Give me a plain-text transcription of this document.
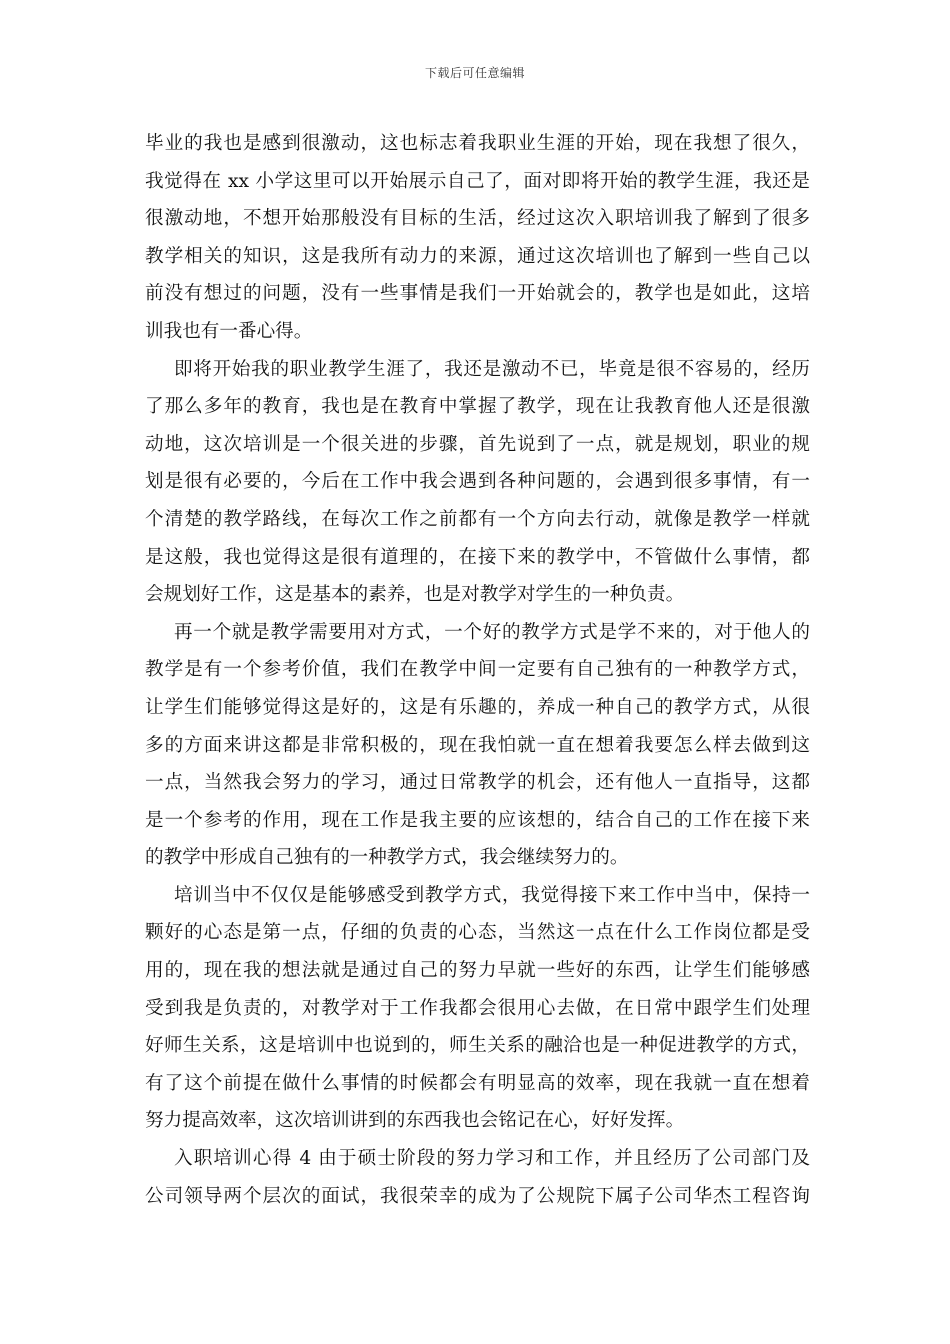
下载后可任意编辑
毕业的我也是感到很激动，这也标志着我职业生涯的开始，现在我想了很久，
我觉得在 xx 小学这里可以开始展示自己了，面对即将开始的教学生涯，我还是
很激动地，不想开始那般没有目标的生活，经过这次入职培训我了解到了很多
教学相关的知识，这是我所有动力的来源，通过这次培训也了解到一些自己以
前没有想过的问题，没有一些事情是我们一开始就会的，教学也是如此，这培
训我也有一番心得。
即将开始我的职业教学生涯了，我还是激动不已，毕竟是很不容易的，经历
了那么多年的教育，我也是在教育中掌握了教学，现在让我教育他人还是很激
动地，这次培训是一个很关进的步骤，首先说到了一点，就是规划，职业的规
划是很有必要的，今后在工作中我会遇到各种问题的，会遇到很多事情，有一
个清楚的教学路线，在每次工作之前都有一个方向去行动，就像是教学一样就
是这般，我也觉得这是很有道理的，在接下来的教学中，不管做什么事情，都
会规划好工作，这是基本的素养，也是对教学对学生的一种负责。
再一个就是教学需要用对方式，一个好的教学方式是学不来的，对于他人的
教学是有一个参考价值，我们在教学中间一定要有自己独有的一种教学方式，
让学生们能够觉得这是好的，这是有乐趣的，养成一种自己的教学方式，从很
多的方面来讲这都是非常积极的，现在我怕就一直在想着我要怎么样去做到这
一点，当然我会努力的学习，通过日常教学的机会，还有他人一直指导，这都
是一个参考的作用，现在工作是我主要的应该想的，结合自己的工作在接下来
的教学中形成自己独有的一种教学方式，我会继续努力的。
培训当中不仅仅是能够感受到教学方式，我觉得接下来工作中当中，保持一
颗好的心态是第一点，仔细的负责的心态，当然这一点在什么工作岗位都是受
用的，现在我的想法就是通过自己的努力早就一些好的东西，让学生们能够感
受到我是负责的，对教学对于工作我都会很用心去做，在日常中跟学生们处理
好师生关系，这是培训中也说到的，师生关系的融洽也是一种促进教学的方式，
有了这个前提在做什么事情的时候都会有明显高的效率，现在我就一直在想着
努力提高效率，这次培训讲到的东西我也会铭记在心，好好发挥。
入职培训心得 4 由于硕士阶段的努力学习和工作，并且经历了公司部门及
公司领导两个层次的面试，我很荣幸的成为了公规院下属子公司华杰工程咨询
